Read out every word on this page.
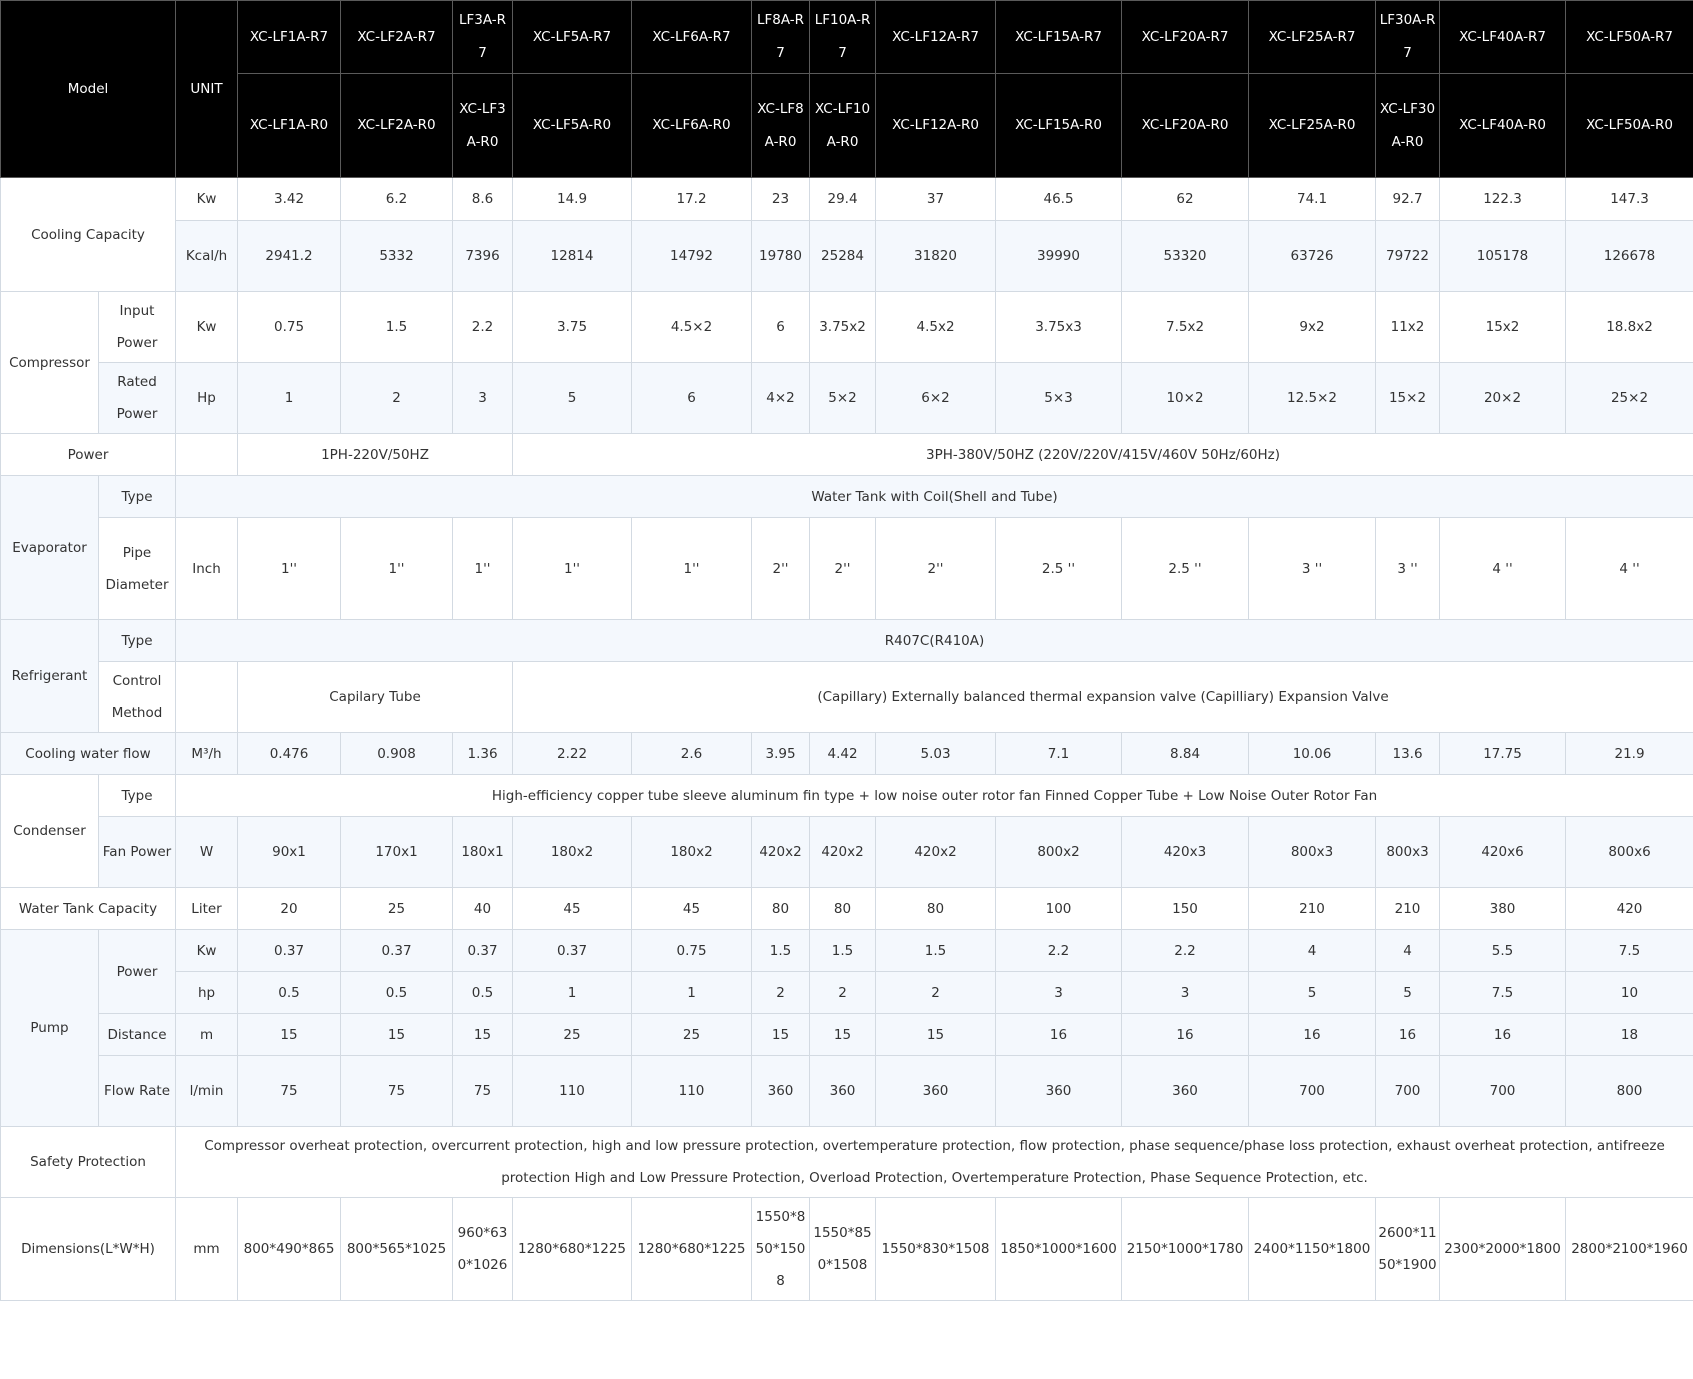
Model		UNIT	XC-LF1A-R7	XC-LF2A-R7	LF3A-R7	XC-LF5A-R7	XC-LF6A-R7	LF8A-R7	LF10A-R7	XC-LF12A-R7	XC-LF15A-R7	XC-LF20A-R7	XC-LF25A-R7	LF30A-R7	XC-LF40A-R7	XC-LF50A-R7
			XC-LF1A-R0	XC-LF2A-R0	XC-LF3A-R0	XC-LF5A-R0	XC-LF6A-R0	XC-LF8A-R0	XC-LF10A-R0	XC-LF12A-R0	XC-LF15A-R0	XC-LF20A-R0	XC-LF25A-R0	XC-LF30A-R0	XC-LF40A-R0	XC-LF50A-R0
Cooling Capacity		Kw	3.42	6.2	8.6	14.9	17.2	23	29.4	37	46.5	62	74.1	92.7	122.3	147.3
		Kcal/h	2941.2	5332	7396	12814	14792	19780	25284	31820	39990	53320	63726	79722	105178	126678
Compressor	Input Power	Kw	0.75	1.5	2.2	3.75	4.5×2	6	3.75x2	4.5x2	3.75x3	7.5x2	9x2	11x2	15x2	18.8x2
	Rated Power	Hp	1	2	3	5	6	4×2	5×2	6×2	5×3	10×2	12.5×2	15×2	20×2	25×2
Power			1PH-220V/50HZ			3PH-380V/50HZ (220V/220V/415V/460V 50Hz/60Hz)										
Evaporator	Type	Water Tank with Coil(Shell and Tube)														
	Pipe Diameter	Inch	1''	1''	1''	1''	1''	2''	2''	2''	2.5 ''	2.5 ''	3 ''	3 ''	4 ''	4 ''
Refrigerant	Type	R407C(R410A)														
	Control Method		Capilary Tube			(Capillary) Externally balanced thermal expansion valve (Capilliary) Expansion Valve										
Cooling water flow		M³/h	0.476	0.908	1.36	2.22	2.6	3.95	4.42	5.03	7.1	8.84	10.06	13.6	17.75	21.9
Condenser	Type	High-efficiency copper tube sleeve aluminum fin type + low noise outer rotor fan Finned Copper Tube + Low Noise Outer Rotor Fan														
	Fan Power	W	90x1	170x1	180x1	180x2	180x2	420x2	420x2	420x2	800x2	420x3	800x3	800x3	420x6	800x6
Water Tank Capacity		Liter	20	25	40	45	45	80	80	80	100	150	210	210	380	420
Pump	Power	Kw	0.37	0.37	0.37	0.37	0.75	1.5	1.5	1.5	2.2	2.2	4	4	5.5	7.5
		hp	0.5	0.5	0.5	1	1	2	2	2	3	3	5	5	7.5	10
	Distance	m	15	15	15	25	25	15	15	15	16	16	16	16	16	18
	Flow Rate	l/min	75	75	75	110	110	360	360	360	360	360	700	700	700	800
Safety Protection		Compressor overheat protection, overcurrent protection, high and low pressure protection, overtemperature protection, flow protection, phase sequence/phase loss protection, exhaust overheat protection, antifreeze protection High and Low Pressure Protection, Overload Protection, Overtemperature Protection, Phase Sequence Protection, etc.														
Dimensions(L*W*H)		mm	800*490*865	800*565*1025	960*630*1026	1280*680*1225	1280*680*1225	1550*850*1508	1550*850*1508	1550*830*1508	1850*1000*1600	2150*1000*1780	2400*1150*1800	2600*1150*1900	2300*2000*1800	2800*2100*1960
